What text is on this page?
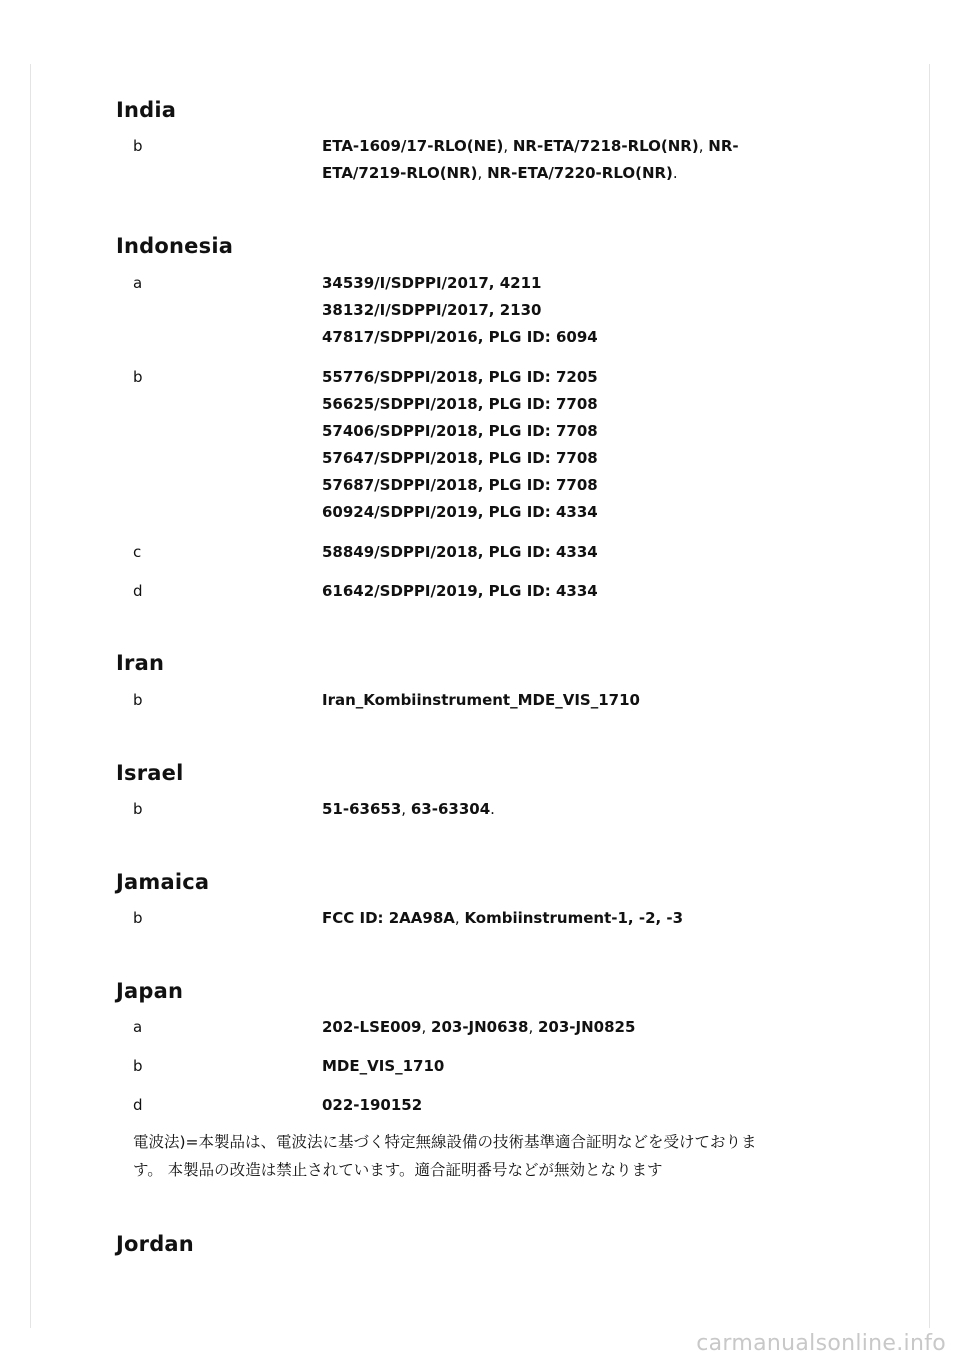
India
b	ETA-1609/17-RLO(NE), NR-ETA/7218-RLO(NR), NR-
ETA/7219-RLO(NR), NR-ETA/7220-RLO(NR).
Indonesia
a	34539/I/SDPPI/2017, 4211
38132/I/SDPPI/2017, 2130
47817/SDPPI/2016, PLG ID: 6094
b	55776/SDPPI/2018, PLG ID: 7205
56625/SDPPI/2018, PLG ID: 7708
57406/SDPPI/2018, PLG ID: 7708
57647/SDPPI/2018, PLG ID: 7708
57687/SDPPI/2018, PLG ID: 7708
60924/SDPPI/2019, PLG ID: 4334
c	58849/SDPPI/2018, PLG ID: 4334
d	61642/SDPPI/2019, PLG ID: 4334
Iran
b	Iran_Kombiinstrument_MDE_VIS_1710
Israel
b	51-63653, 63-63304.
Jamaica
b	FCC ID: 2AA98A, Kombiinstrument-1, -2, -3
Japan
a	202-LSE009, 203-JN0638, 203-JN0825
b	MDE_VIS_1710
d	022-190152
電波法)=本製品は、電波法に基づく特定無線設備の技術基準適合証明などを受けておりま
す。 本製品の改造は禁止されています。適合証明番号などが無効となります
Jordan
carmanualsonline.info
